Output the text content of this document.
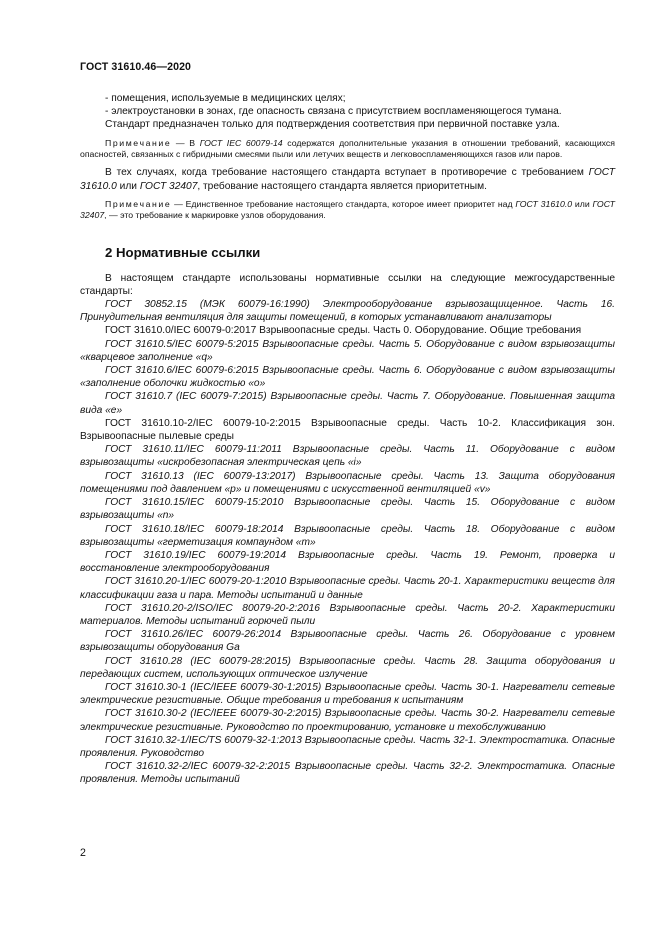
ГОСТ 31610.46—2020

- помещения, используемые в медицинских целях;

- электроустановки в зонах, где опасность связана с присутствием воспламеняющегося тумана.

Стандарт предназначен только для подтверждения соответствия при первичной поставке узла.

Примечание — В ГОСТ IEC 60079-14 содержатся дополнительные указания в отношении требований, касающихся опасностей, связанных с гибридными смесями пыли или летучих веществ и легковоспламеняющихся газов или паров.

В тех случаях, когда требование настоящего стандарта вступает в противоречие с требованием ГОСТ 31610.0 или ГОСТ 32407, требование настоящего стандарта является приоритетным.

Примечание — Единственное требование настоящего стандарта, которое имеет приоритет над ГОСТ 31610.0 или ГОСТ 32407, — это требование к маркировке узлов оборудования.

2 Нормативные ссылки

В настоящем стандарте использованы нормативные ссылки на следующие межгосударственные стандарты:

ГОСТ 30852.15 (МЭК 60079-16:1990) Электрооборудование взрывозащищенное. Часть 16. Принудительная вентиляция для защиты помещений, в которых устанавливают анализаторы

ГОСТ 31610.0/IEC 60079-0:2017 Взрывоопасные среды. Часть 0. Оборудование. Общие требования

ГОСТ 31610.5/IEC 60079-5:2015 Взрывоопасные среды. Часть 5. Оборудование с видом взрывозащиты «кварцевое заполнение «q»

ГОСТ 31610.6/IEC 60079-6:2015 Взрывоопасные среды. Часть 6. Оборудование с видом взрывозащиты «заполнение оболочки жидкостью «о»

ГОСТ 31610.7 (IEC 60079-7:2015) Взрывоопасные среды. Часть 7. Оборудование. Повышенная защита вида «е»

ГОСТ 31610.10-2/IEC 60079-10-2:2015 Взрывоопасные среды. Часть 10-2. Классификация зон. Взрывоопасные пылевые среды

ГОСТ 31610.11/IEC 60079-11:2011 Взрывоопасные среды. Часть 11. Оборудование с видом взрывозащиты «искробезопасная электрическая цепь «i»

ГОСТ 31610.13 (IEC 60079-13:2017) Взрывоопасные среды. Часть 13. Защита оборудования помещениями под давлением «р» и помещениями с искусственной вентиляцией «v»

ГОСТ 31610.15/IEC 60079-15:2010 Взрывоопасные среды. Часть 15. Оборудование с видом взрывозащиты «n»

ГОСТ 31610.18/IEC 60079-18:2014 Взрывоопасные среды. Часть 18. Оборудование с видом взрывозащиты «герметизация компаундом «m»

ГОСТ 31610.19/IEC 60079-19:2014 Взрывоопасные среды. Часть 19. Ремонт, проверка и восстановление электрооборудования

ГОСТ 31610.20-1/IEC 60079-20-1:2010 Взрывоопасные среды. Часть 20-1. Характеристики веществ для классификации газа и пара. Методы испытаний и данные

ГОСТ 31610.20-2/ISO/IEC 80079-20-2:2016 Взрывоопасные среды. Часть 20-2. Характеристики материалов. Методы испытаний горючей пыли

ГОСТ 31610.26/IEC 60079-26:2014 Взрывоопасные среды. Часть 26. Оборудование с уровнем взрывозащиты оборудования Ga

ГОСТ 31610.28 (IEC 60079-28:2015) Взрывоопасные среды. Часть 28. Защита оборудования и передающих систем, использующих оптическое излучение

ГОСТ 31610.30-1 (IEC/IEEE 60079-30-1:2015) Взрывоопасные среды. Часть 30-1. Нагреватели сетевые электрические резистивные. Общие требования и требования к испытаниям

ГОСТ 31610.30-2 (IEC/IEEE 60079-30-2:2015) Взрывоопасные среды. Часть 30-2. Нагреватели сетевые электрические резистивные. Руководство по проектированию, установке и техобслуживанию

ГОСТ 31610.32-1/IEC/TS 60079-32-1:2013 Взрывоопасные среды. Часть 32-1. Электростатика. Опасные проявления. Руководство

ГОСТ 31610.32-2/IEC 60079-32-2:2015 Взрывоопасные среды. Часть 32-2. Электростатика. Опасные проявления. Методы испытаний

2
